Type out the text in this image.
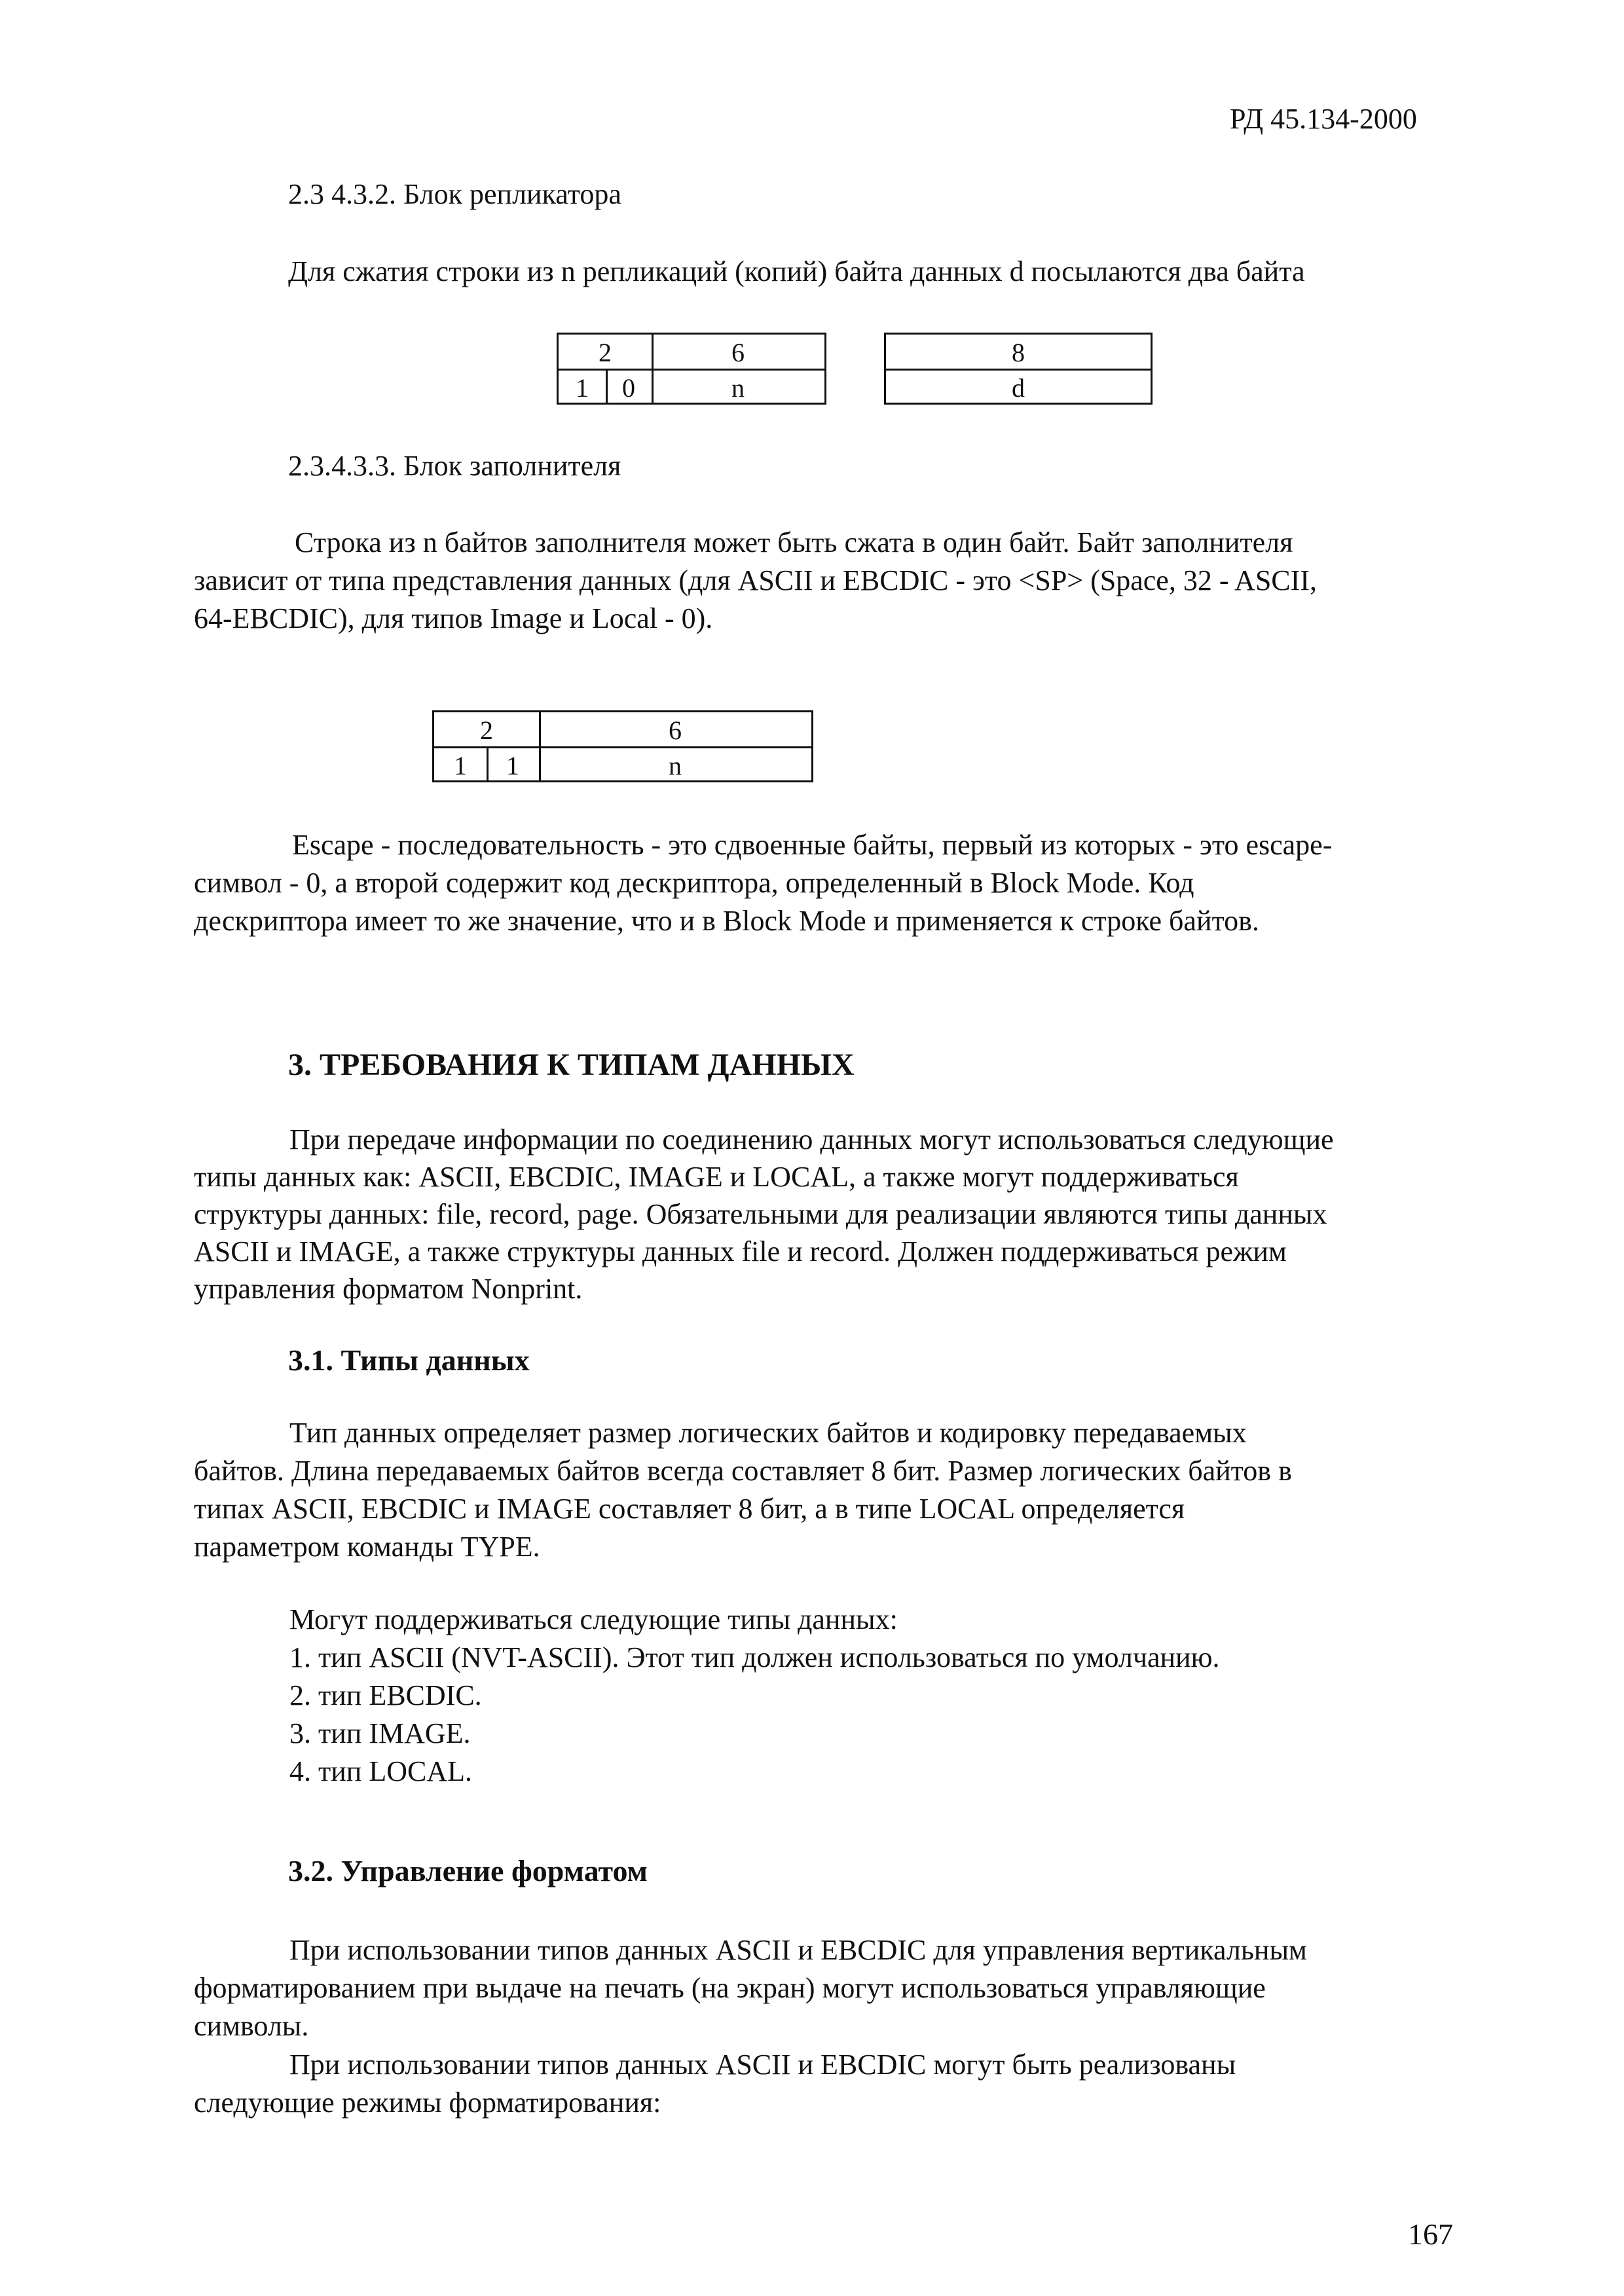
РД 45.134-2000
2.3 4.3.2. Блок репликатора
Для сжатия строки из n репликаций (копий) байта данных d посылаются два байта
2	6
1	0	n
8
d
2.3.4.3.3. Блок заполнителя
Строка из n байтов заполнителя может быть сжата в один байт. Байт заполнителя
зависит от типа представления данных (для ASCII и EBCDIC - это <SP> (Space, 32 - ASCII,
64-EBCDIC), для типов Image и Local - 0).
2	6
1	1	n
Escape - последовательность - это сдвоенные байты, первый из которых - это escape-
символ - 0, а второй содержит код дескриптора, определенный в Block Mode. Код
дескриптора имеет то же значение, что и в Block Mode и применяется к строке байтов.
3. ТРЕБОВАНИЯ К ТИПАМ ДАННЫХ
При передаче информации по соединению данных могут использоваться следующие
типы данных как: ASCII, EBCDIC, IMAGE и LOCAL, а также могут поддерживаться
структуры данных: file, record, page. Обязательными для реализации являются типы данных
ASCII и IMAGE, а также структуры данных file и record. Должен поддерживаться режим
управления форматом Nonprint.
3.1. Типы данных
Тип данных определяет размер логических байтов и кодировку передаваемых
байтов. Длина передаваемых байтов всегда составляет 8 бит. Размер логических байтов в
типах ASCII, EBCDIC и IMAGE составляет 8 бит, а в типе LOCAL определяется
параметром команды TYPE.
Могут поддерживаться следующие типы данных:
1. тип ASCII (NVT-ASCII). Этот тип должен использоваться по умолчанию.
2. тип EBCDIC.
3. тип IMAGE.
4. тип LOCAL.
3.2. Управление форматом
При использовании типов данных ASCII и EBCDIC для управления вертикальным
форматированием при выдаче на печать (на экран) могут использоваться управляющие
символы.
При использовании типов данных ASCII и EBCDIC могут быть реализованы
следующие режимы форматирования:
167
